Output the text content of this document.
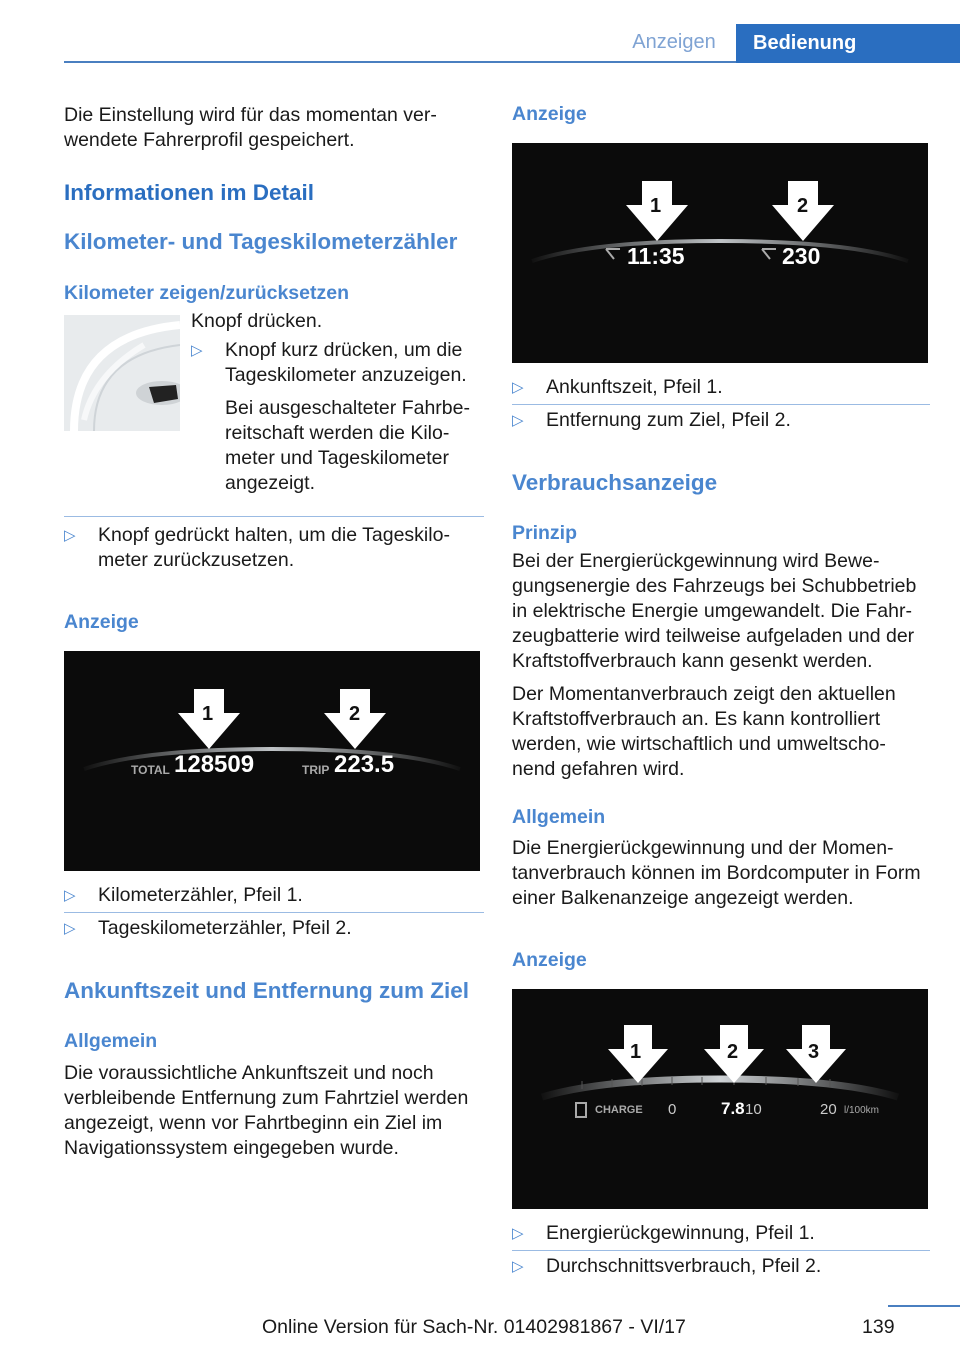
Anzeigen	Bedienung

Die Einstellung wird für das momentan ver-wendete Fahrerprofil gespeichert.

Informationen im Detail
Kilometer- und Tageskilometerzähler
Kilometer zeigen/zurücksetzen

Knopf drücken.

▷ Knopf kurz drücken, um die Tageskilometer anzuzeigen.

Bei ausgeschalteter Fahrbe-reitschaft werden die Kilo-meter und Tageskilometer angezeigt.

▷ Knopf gedrückt halten, um die Tageskilo-meter zurückzusetzen.
Anzeige
1	2
TOTAL 128509	TRIP 223.5
▷ Kilometerzähler, Pfeil 1.
▷ Tageskilometerzähler, Pfeil 2.
Ankunftszeit und Entfernung zum Ziel
Allgemein

Die voraussichtliche Ankunftszeit und noch verbleibende Entfernung zum Fahrtziel werden angezeigt, wenn vor Fahrtbeginn ein Ziel im Navigationssystem eingegeben wurde.

Anzeige
1	2
11:35	230
▷ Ankunftszeit, Pfeil 1.
▷ Entfernung zum Ziel, Pfeil 2.
Verbrauchsanzeige
Prinzip

Bei der Energierückgewinnung wird Bewe-gungsenergie des Fahrzeugs bei Schubbetrieb in elektrische Energie umgewandelt. Die Fahr-zeugbatterie wird teilweise aufgeladen und der Kraftstoffverbrauch kann gesenkt werden.

Der Momentanverbrauch zeigt den aktuellen Kraftstoffverbrauch an. Es kann kontrolliert werden, wie wirtschaftlich und umweltscho-nend gefahren wird.

Allgemein

Die Energierückgewinnung und der Momen-tanverbrauch können im Bordcomputer in Form einer Balkenanzeige angezeigt werden.

Anzeige
1	2	3
CHARGE 0	7.8 10	20 l/100km
▷ Energierückgewinnung, Pfeil 1.
▷ Durchschnittsverbrauch, Pfeil 2.
139
Online Version für Sach-Nr. 01402981867 - VI/17
